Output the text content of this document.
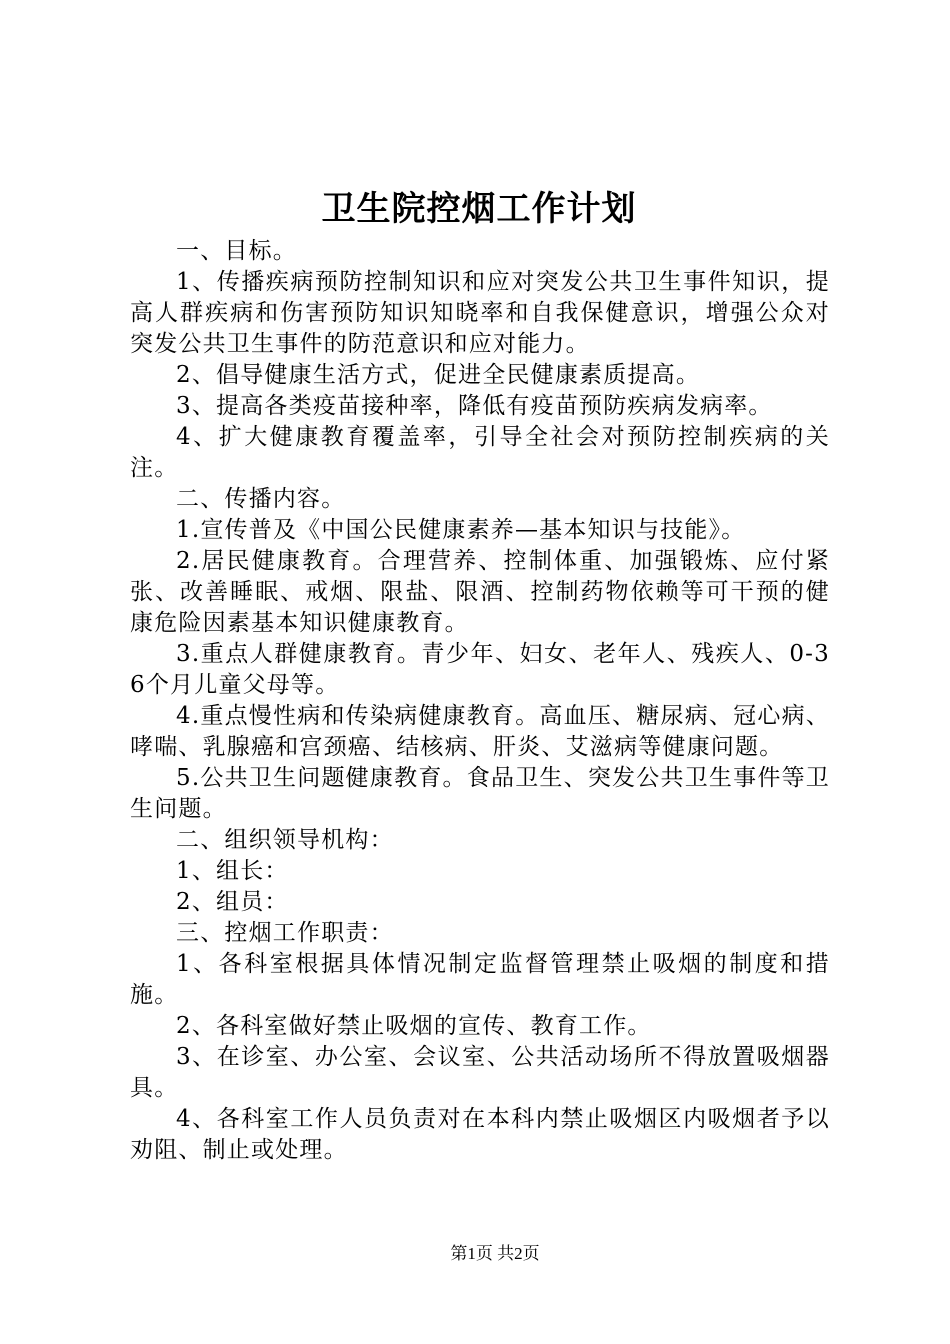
卫生院控烟工作计划

一、目标。

1、传播疾病预防控制知识和应对突发公共卫生事件知识，提高人群疾病和伤害预防知识知晓率和自我保健意识，增强公众对突发公共卫生事件的防范意识和应对能力。

2、倡导健康生活方式，促进全民健康素质提高。

3、提高各类疫苗接种率，降低有疫苗预防疾病发病率。

4、扩大健康教育覆盖率，引导全社会对预防控制疾病的关注。

二、传播内容。

1.宣传普及《中国公民健康素养—基本知识与技能》。

2.居民健康教育。合理营养、控制体重、加强锻炼、应付紧张、改善睡眠、戒烟、限盐、限酒、控制药物依赖等可干预的健康危险因素基本知识健康教育。

3.重点人群健康教育。青少年、妇女、老年人、残疾人、0-36个月儿童父母等。

4.重点慢性病和传染病健康教育。高血压、糖尿病、冠心病、哮喘、乳腺癌和宫颈癌、结核病、肝炎、艾滋病等健康问题。

5.公共卫生问题健康教育。食品卫生、突发公共卫生事件等卫生问题。

二、组织领导机构：

1、组长：

2、组员：

三、控烟工作职责：

1、各科室根据具体情况制定监督管理禁止吸烟的制度和措施。

2、各科室做好禁止吸烟的宣传、教育工作。

3、在诊室、办公室、会议室、公共活动场所不得放置吸烟器具。

4、各科室工作人员负责对在本科内禁止吸烟区内吸烟者予以劝阻、制止或处理。

第1页 共2页
